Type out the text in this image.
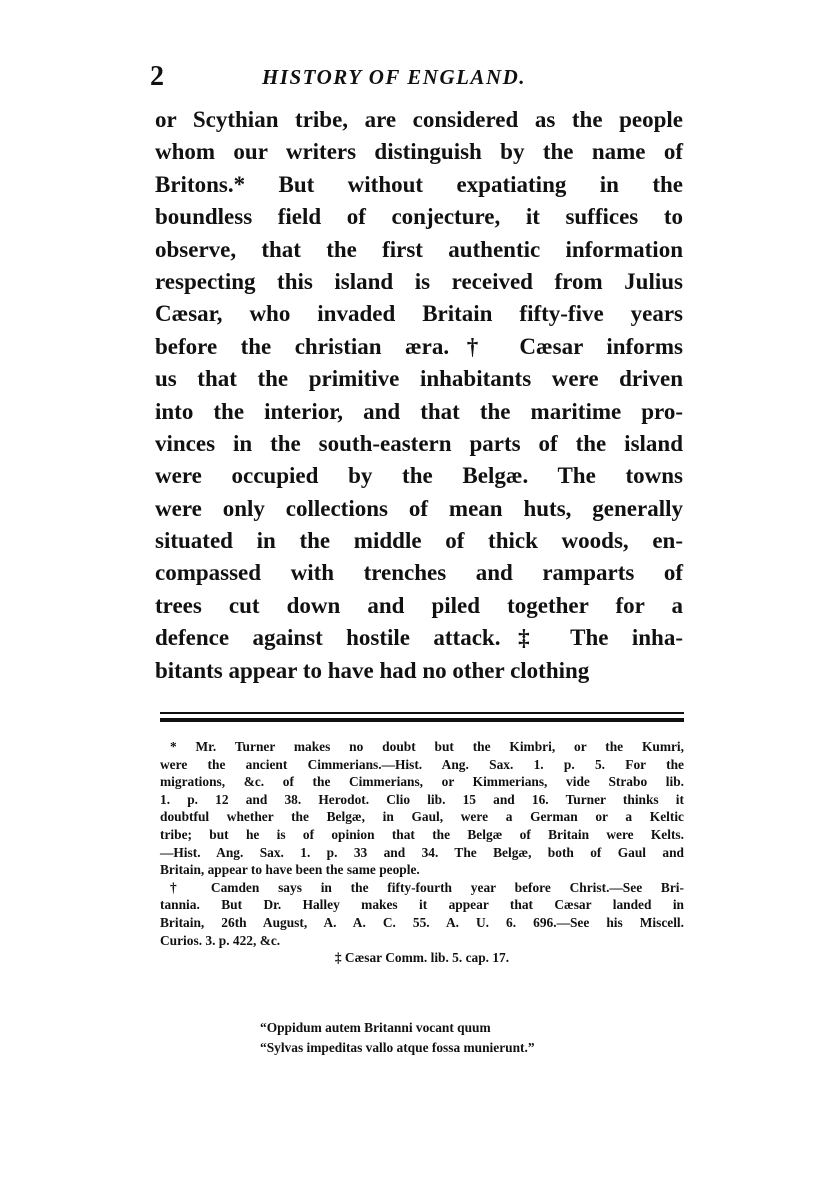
2	HISTORY OF ENGLAND.
or Scythian tribe, are considered as the people
whom our writers distinguish by the name of
Britons.* But without expatiating in the
boundless field of conjecture, it suffices to
observe, that the first authentic information
respecting this island is received from Julius
Cæsar, who invaded Britain fifty-five years
before the christian æra.† Cæsar informs
us that the primitive inhabitants were driven
into the interior, and that the maritime pro-
vinces in the south-eastern parts of the island
were occupied by the Belgæ. The towns
were only collections of mean huts, generally
situated in the middle of thick woods, en-
compassed with trenches and ramparts of
trees cut down and piled together for a
defence against hostile attack.‡ The inha-
bitants appear to have had no other clothing
* Mr. Turner makes no doubt but the Kimbri, or the Kumri,
were the ancient Cimmerians.—Hist. Ang. Sax. 1. p. 5. For the
migrations, &c. of the Cimmerians, or Kimmerians, vide Strabo lib.
1. p. 12 and 38. Herodot. Clio lib. 15 and 16. Turner thinks it
doubtful whether the Belgæ, in Gaul, were a German or a Keltic
tribe; but he is of opinion that the Belgæ of Britain were Kelts.
—Hist. Ang. Sax. 1. p. 33 and 34. The Belgæ, both of Gaul and
Britain, appear to have been the same people.
† Camden says in the fifty-fourth year before Christ.—See Bri-
tannia. But Dr. Halley makes it appear that Cæsar landed in
Britain, 26th August, A. A. C. 55. A. U. 6. 696.—See his Miscell.
Curios. 3. p. 422, &c.
‡ Cæsar Comm. lib. 5. cap. 17.
“Oppidum autem Britanni vocant quum
“Sylvas impeditas vallo atque fossa munierunt.”
